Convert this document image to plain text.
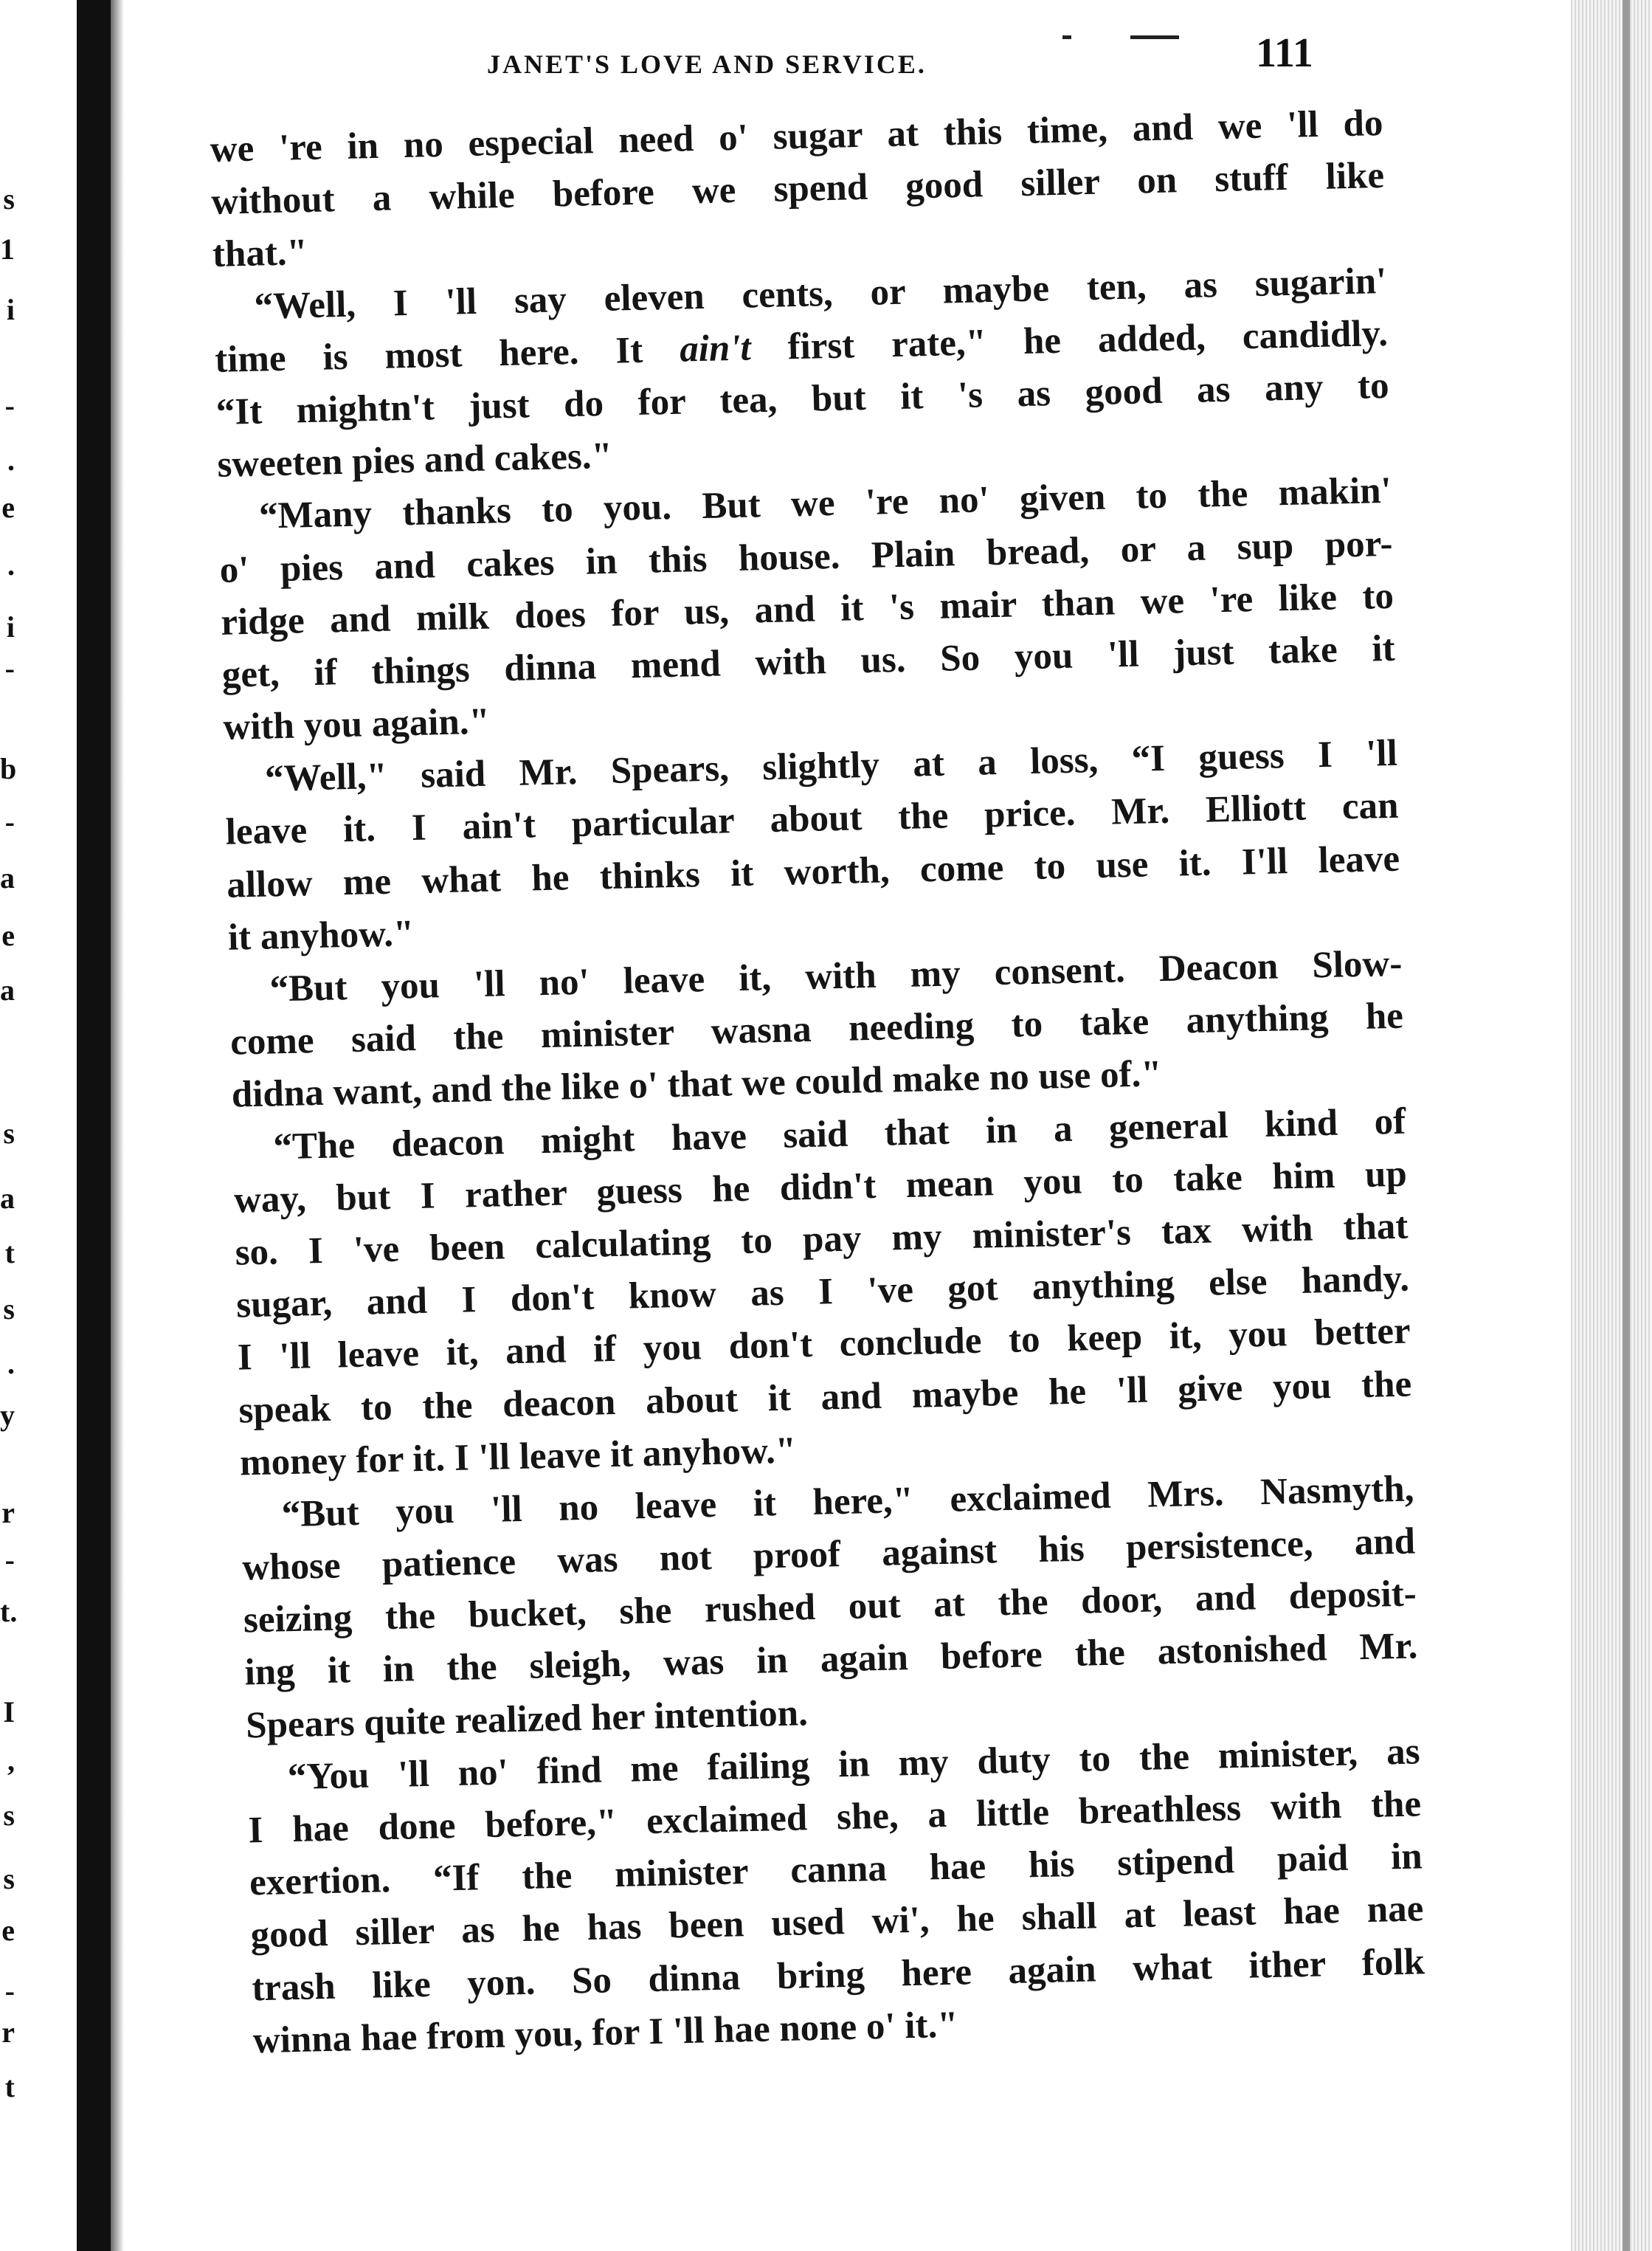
s
1
i
-
.
e
.
i
-
b
-
a
e
a
s
a
t
s
.
y
r
-
t.
I
,
s
s
e
-
r
t
JANET'S LOVE AND SERVICE.	111
we 're in no especial need o' sugar at this time, and we 'll do
without a while before we spend good siller on stuff like
that."
“Well, I 'll say eleven cents, or maybe ten, as sugarin'
time is most here. It ain't first rate," he added, candidly.
“It mightn't just do for tea, but it 's as good as any to
sweeten pies and cakes."
“Many thanks to you. But we 're no' given to the makin'
o' pies and cakes in this house. Plain bread, or a sup por-
ridge and milk does for us, and it 's mair than we 're like to
get, if things dinna mend with us. So you 'll just take it
with you again."
“Well," said Mr. Spears, slightly at a loss, “I guess I 'll
leave it. I ain't particular about the price. Mr. Elliott can
allow me what he thinks it worth, come to use it. I'll leave
it anyhow."
“But you 'll no' leave it, with my consent. Deacon Slow-
come said the minister wasna needing to take anything he
didna want, and the like o' that we could make no use of."
“The deacon might have said that in a general kind of
way, but I rather guess he didn't mean you to take him up
so. I 've been calculating to pay my minister's tax with that
sugar, and I don't know as I 've got anything else handy.
I 'll leave it, and if you don't conclude to keep it, you better
speak to the deacon about it and maybe he 'll give you the
money for it. I 'll leave it anyhow."
“But you 'll no leave it here," exclaimed Mrs. Nasmyth,
whose patience was not proof against his persistence, and
seizing the bucket, she rushed out at the door, and deposit-
ing it in the sleigh, was in again before the astonished Mr.
Spears quite realized her intention.
“You 'll no' find me failing in my duty to the minister, as
I hae done before," exclaimed she, a little breathless with the
exertion. “If the minister canna hae his stipend paid in
good siller as he has been used wi', he shall at least hae nae
trash like yon. So dinna bring here again what ither folk
winna hae from you, for I 'll hae none o' it."
